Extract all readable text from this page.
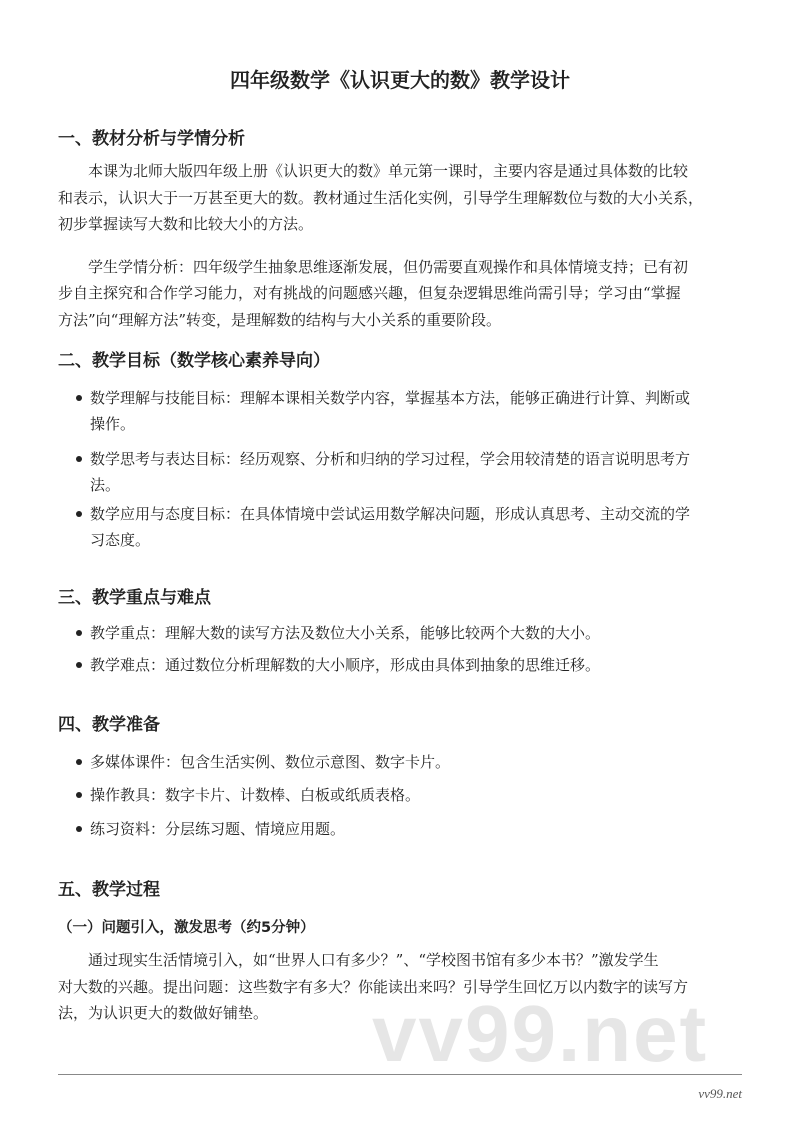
四年级数学《认识更大的数》教学设计
一、教材分析与学情分析
本课为北师大版四年级上册《认识更大的数》单元第一课时，主要内容是通过具体数的比较
和表示，认识大于一万甚至更大的数。教材通过生活化实例，引导学生理解数位与数的大小关系，
初步掌握读写大数和比较大小的方法。
学生学情分析：四年级学生抽象思维逐渐发展，但仍需要直观操作和具体情境支持；已有初
步自主探究和合作学习能力，对有挑战的问题感兴趣，但复杂逻辑思维尚需引导；学习由“掌握
方法”向“理解方法”转变，是理解数的结构与大小关系的重要阶段。
二、教学目标（数学核心素养导向）
数学理解与技能目标：理解本课相关数学内容，掌握基本方法，能够正确进行计算、判断或
操作。
数学思考与表达目标：经历观察、分析和归纳的学习过程，学会用较清楚的语言说明思考方
法。
数学应用与态度目标：在具体情境中尝试运用数学解决问题，形成认真思考、主动交流的学
习态度。
三、教学重点与难点
教学重点：理解大数的读写方法及数位大小关系，能够比较两个大数的大小。
教学难点：通过数位分析理解数的大小顺序，形成由具体到抽象的思维迁移。
四、教学准备
多媒体课件：包含生活实例、数位示意图、数字卡片。
操作教具：数字卡片、计数棒、白板或纸质表格。
练习资料：分层练习题、情境应用题。
五、教学过程
（一）问题引入，激发思考（约5分钟）
通过现实生活情境引入，如“世界人口有多少？”、“学校图书馆有多少本书？”激发学生
对大数的兴趣。提出问题：这些数字有多大？你能读出来吗？引导学生回忆万以内数字的读写方
法，为认识更大的数做好铺垫。 vv99.net
vv99.net
